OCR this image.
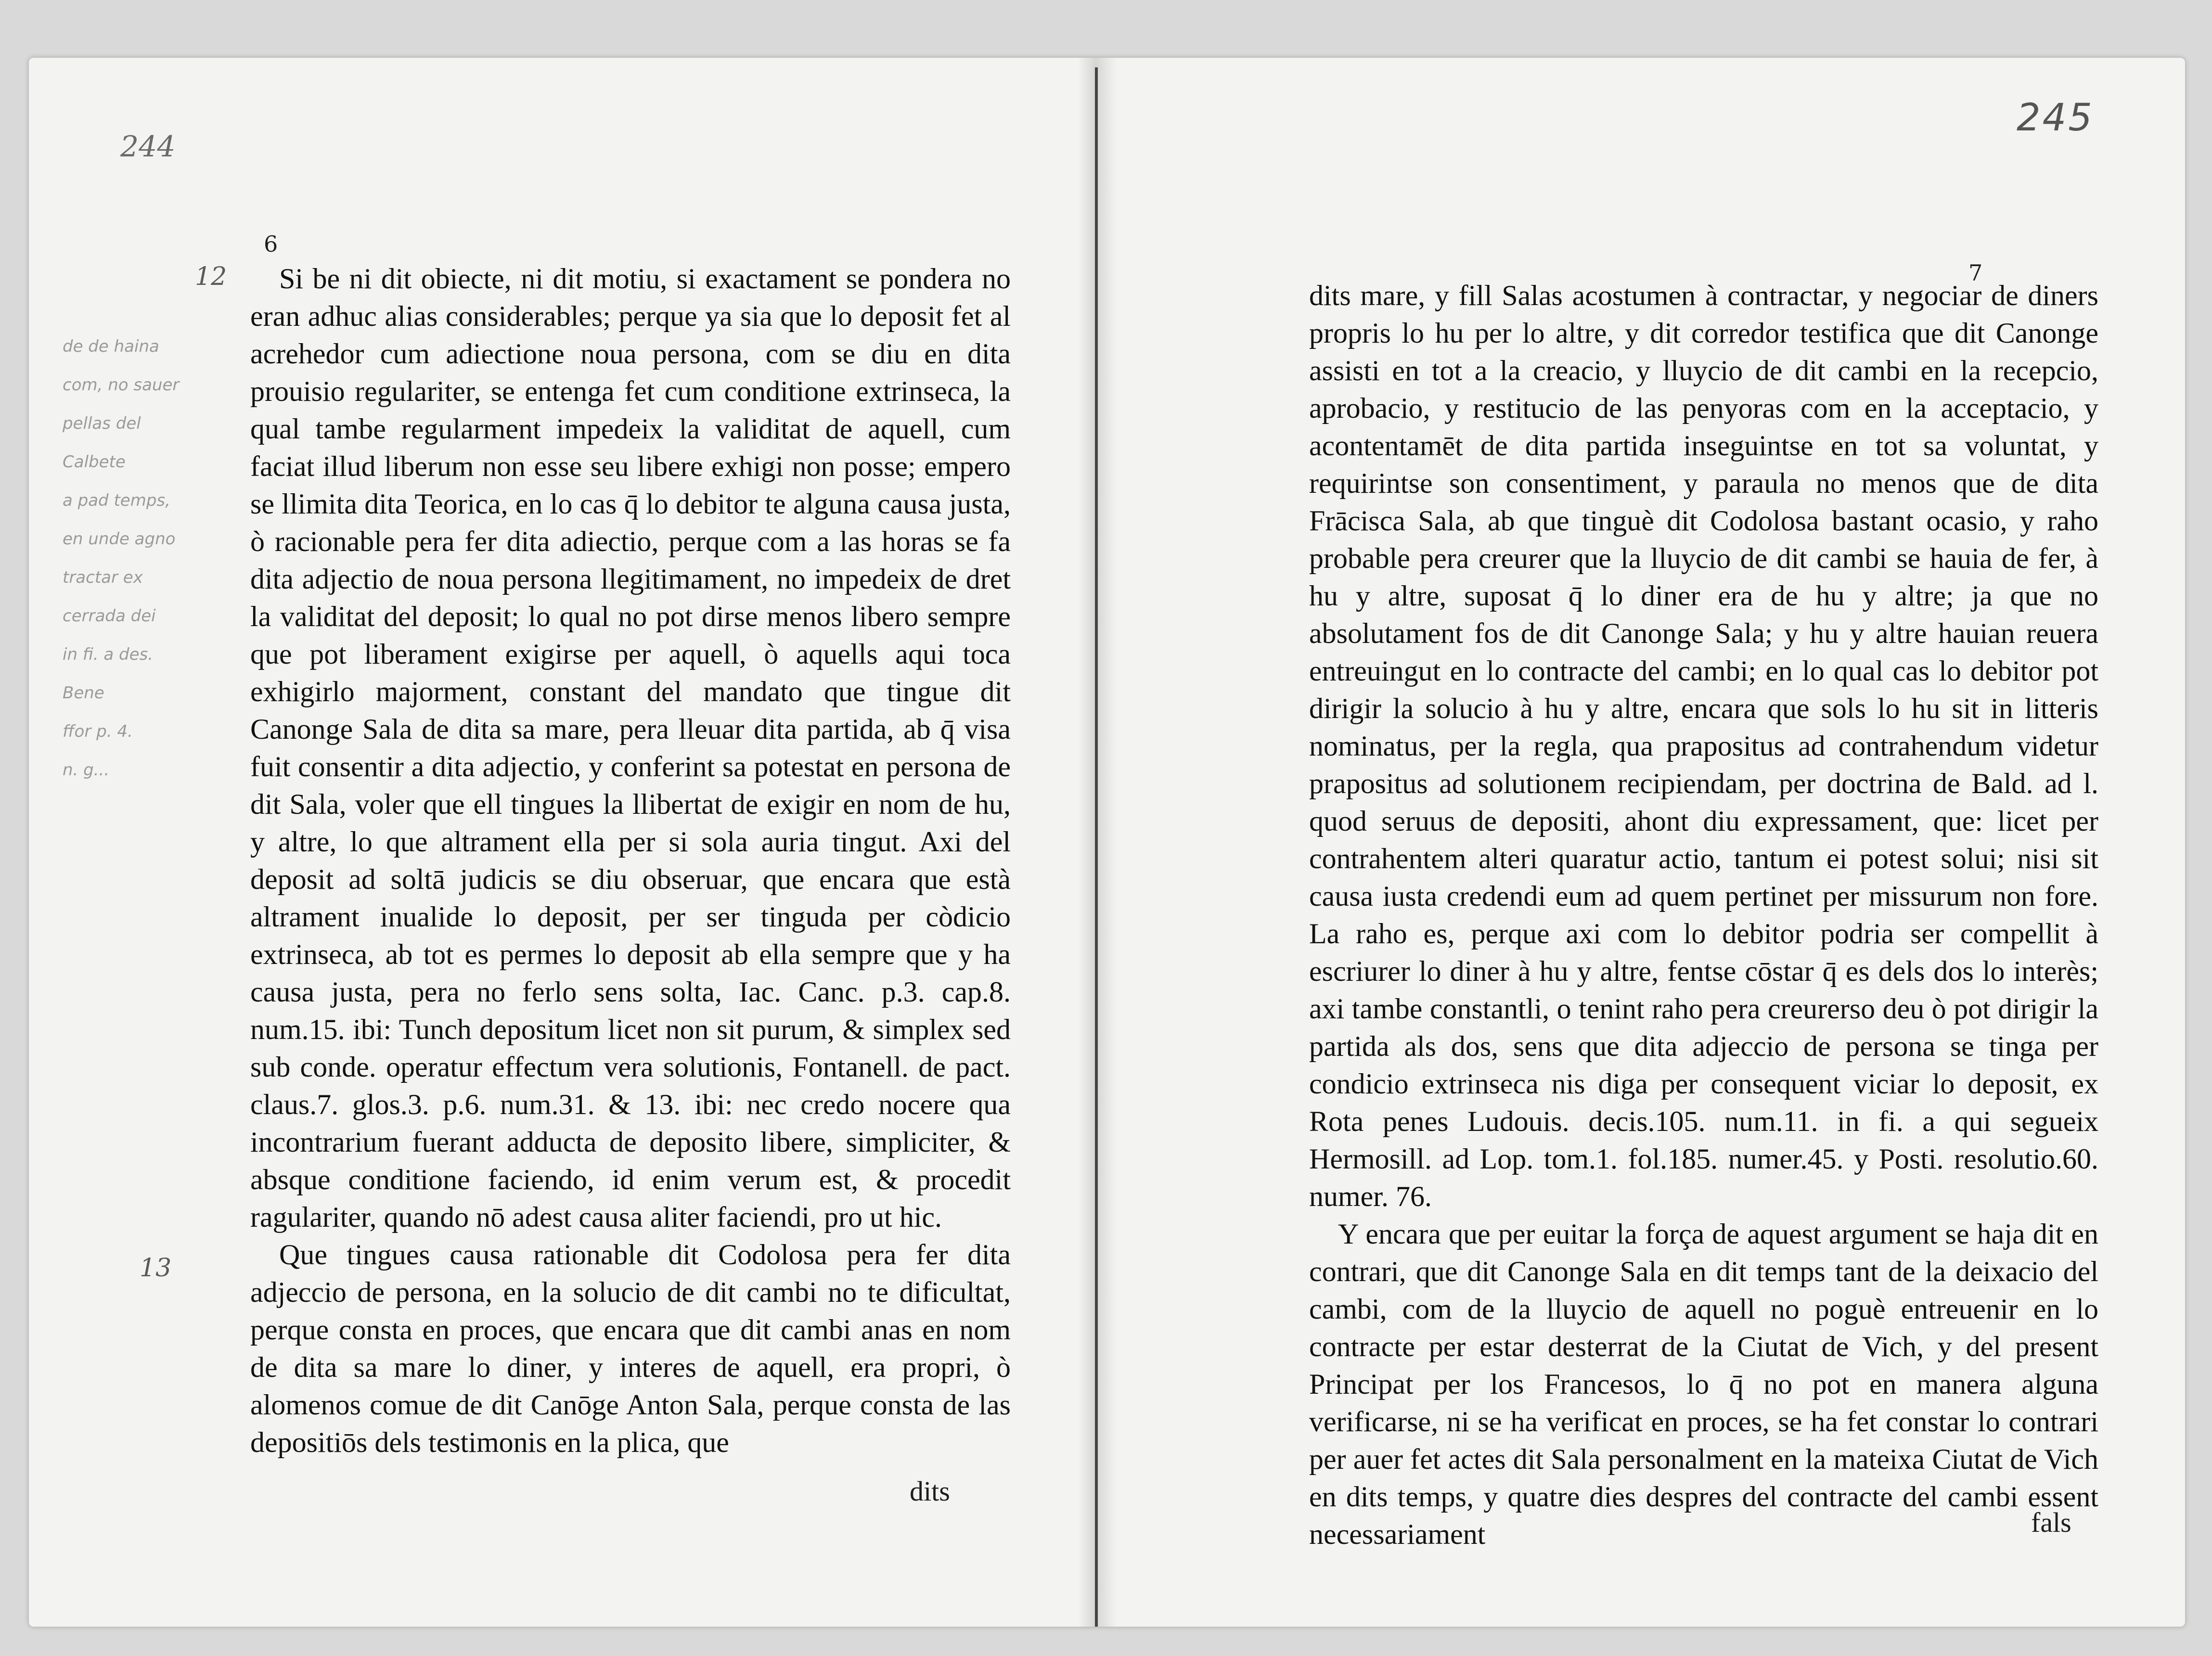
244
6
12
13
de de haina
com, no sauer
pellas del Calbete
a pad temps,
en unde agno
tractar ex
cerrada dei
in fi. a des.
Bene
ffor p. 4.
n. g...

Si be ni dit obiecte, ni dit motiu, si exactament se pondera no eran adhuc alias considerables; perque ya sia que lo deposit fet al acrehedor cum adiectione noua persona, com se diu en dita prouisio regulariter, se entenga fet cum conditione extrinseca, la qual tambe regularment impedeix la validitat de aquell, cum faciat illud liberum non esse seu libere exhigi non posse; empero se llimita dita Teorica, en lo cas q̄ lo debitor te alguna causa justa, ò racionable pera fer dita adiectio, perque com a las horas se fa dita adjectio de noua persona llegitimament, no impedeix de dret la validitat del deposit; lo qual no pot dirse menos libero sempre que pot liberament exigirse per aquell, ò aquells aqui toca exhigirlo majorment, constant del mandato que tingue dit Canonge Sala de dita sa mare, pera lleuar dita partida, ab q̄ visa fuit consentir a dita adjectio, y conferint sa potestat en persona de dit Sala, voler que ell tingues la llibertat de exigir en nom de hu, y altre, lo que altrament ella per si sola auria tingut. Axi del deposit ad soltā judicis se diu obseruar, que encara que està altrament inualide lo deposit, per ser tinguda per còdicio extrinseca, ab tot es permes lo deposit ab ella sempre que y ha causa justa, pera no ferlo sens solta, Iac. Canc. p.3. cap.8. num.15. ibi: Tunch depositum licet non sit purum, & simplex sed sub conde. operatur effectum vera solutionis, Fontanell. de pact. claus.7. glos.3. p.6. num.31. & 13. ibi: nec credo nocere qua incontrarium fuerant adducta de deposito libere, simpliciter, & absque conditione faciendo, id enim verum est, & procedit ragulariter, quando nō adest causa aliter faciendi, pro ut hic.

Que tingues causa rationable dit Codolosa pera fer dita adjeccio de persona, en la solucio de dit cambi no te dificultat, perque consta en proces, que encara que dit cambi anas en nom de dita sa mare lo diner, y interes de aquell, era propri, ò alomenos comue de dit Canōge Anton Sala, perque consta de las depositiōs dels testimonis en la plica, que

dits
245
7

dits mare, y fill Salas acostumen à contractar, y negociar de diners propris lo hu per lo altre, y dit corredor testifica que dit Canonge assisti en tot a la creacio, y lluycio de dit cambi en la recepcio, aprobacio, y restitucio de las penyoras com en la acceptacio, y acontentamēt de dita partida inseguintse en tot sa voluntat, y requirintse son consentiment, y paraula no menos que de dita Frācisca Sala, ab que tinguè dit Codolosa bastant ocasio, y raho probable pera creurer que la lluycio de dit cambi se hauia de fer, à hu y altre, suposat q̄ lo diner era de hu y altre; ja que no absolutament fos de dit Canonge Sala; y hu y altre hauian reuera entreuingut en lo contracte del cambi; en lo qual cas lo debitor pot dirigir la solucio à hu y altre, encara que sols lo hu sit in litteris nominatus, per la regla, qua prapositus ad contrahendum videtur prapositus ad solutionem recipiendam, per doctrina de Bald. ad l. quod seruus de depositi, ahont diu expressament, que: licet per contrahentem alteri quaratur actio, tantum ei potest solui; nisi sit causa iusta credendi eum ad quem pertinet per missurum non fore. La raho es, perque axi com lo debitor podria ser compellit à escriurer lo diner à hu y altre, fentse cōstar q̄ es dels dos lo interès; axi tambe constantli, o tenint raho pera creurerso deu ò pot dirigir la partida als dos, sens que dita adjeccio de persona se tinga per condicio extrinseca nis diga per consequent viciar lo deposit, ex Rota penes Ludouis. decis.105. num.11. in fi. a qui segueix Hermosill. ad Lop. tom.1. fol.185. numer.45. y Posti. resolutio.60. numer. 76.

Y encara que per euitar la força de aquest argument se haja dit en contrari, que dit Canonge Sala en dit temps tant de la deixacio del cambi, com de la lluycio de aquell no poguè entreuenir en lo contracte per estar desterrat de la Ciutat de Vich, y del present Principat per los Francesos, lo q̄ no pot en manera alguna verificarse, ni se ha verificat en proces, se ha fet constar lo contrari per auer fet actes dit Sala personalment en la mateixa Ciutat de Vich en dits temps, y quatre dies despres del contracte del cambi essent necessariament	fals
